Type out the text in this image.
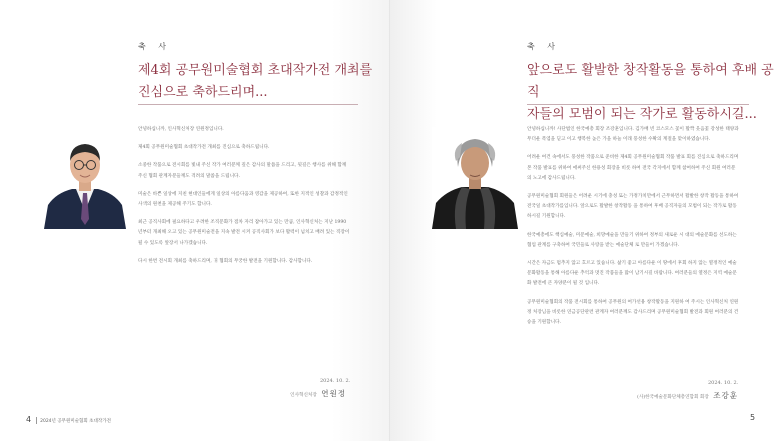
축 사
제4회 공무원미술협회 초대작가전 개최를
진심으로 축하드리며...

안녕하십니까, 인사혁신처장 연원정입니다.

제4회 공무원미술협회 초대작가전 개최를 진심으로 축하드립니다.

소중한 작품으로 전시회를 빛내 주신 작가 여러분께 깊은 감사의 말씀을 드리고, 뒷길은 행사를 위해 함께 주신 협회 관계자분들께도 격려의 말씀을 드립니다.

미술은 바쁜 일상에 지친 현대인들에게 일상의 아름다움과 영감을 제공하여, 또한 지적인 성찰과 감정적인 사색의 원천을 제공해 주기도 합니다.

최근 공직사회에 필요하다고 우려한 조직문화가 점차 자리 잡아가고 있는 만큼, 인사혁신처는 지난 1990년부터 개최해 오고 있는 공무원미술전을 지속 발전 시켜 공직사회가 보다 활력이 넘치고 배려 있는 직장이 될 수 있도록 앞장서 나가겠습니다.

다시 한번 전시회 개최를 축하드리며, 귀 협회의 무궁한 발전을 기원합니다. 감사합니다.

2024. 10. 2.
인사혁신처장 연원정
4 2024년 공무원미술협회 초대작가전
축 사
앞으로도 활발한 창작활동을 통하여 후배 공직
자들의 모범이 되는 작가로 활동하시길...

안녕하십니까! 사단법인 한국예총 회장 조강훈입니다. 김가배 빈 코스모스 꽃이 활짝 웃음꽃 강성한 태양과 무더운 폭염을 딛고 이고 행복한 높은 가을 하늘 이래 풍성한 수확의 계절을 맞이하였습니다.

어려운 여건 속에서도 풍성한 작품으로 준비한 제4회 공무원미술협회 작품 발표 회를 진심으로 축하드리며 본 작품 발표를 위하여 애써주신 한용성 회장을 비롯 하여 전국 각지에서 함께 참여하여 주신 회원 여러분의 노고에 감사드립니다.

공무원미술협회 회원들은 어려운 시기에 충성 또는 가정가치만에서 근무하면서 활발한 창작 활동을 통하여 전국일 초대작가를입니다. 앞으로도 활발한 창작활동 을 통하여 후배 공직자들의 모범이 되는 작가로 활동하시길 기원합니다.

한국예총에도 핵심예술, 미문예술, 희망예술을 만들기 위하여 정부의 새로운 시 대의 예술문화를 선도하는 협업 관계를 구축하여 국민들로 사랑을 받는 예술단체 로 만들어 가겠습니다.

시간은 자금도 멈추지 않고 흐르고 있습니다. 삶기 좋고 아름다운 이 땅에서 후회 하지 않는 열정적인 예술문화활동을 통해 아름다운 추억과 멋진 작품들을 많이 남기시길 바랍니다. 여러분들의 열정은 지역 예술문화 발전에 큰 자양분이 될 것 입니다.

공무원미술협회의 작품 전시회를 통하여 공무원의 여가선용 창작활동을 지원하 여 주시는 인사혁신처 연원정 처장님을 비롯한 연금공단관련 관계자 여러분께도 감사드리며 공무원미술협회 발전과 회원 여러분의 건승을 기원합니다.

2024. 10. 2.
(사)한국예술문화단체총연합회 회장 조강훈
5
